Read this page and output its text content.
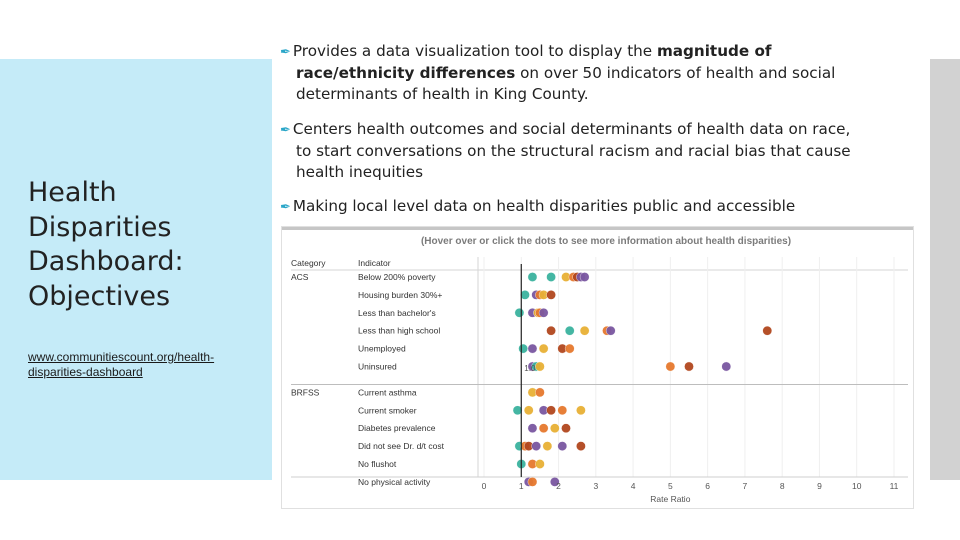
Health
Disparities
Dashboard:
Objectives
www.communitiescount.org/health-
disparities-dashboard
✒ Provides a data visualization tool to display the magnitude of
race/ethnicity differences on over 50 indicators of health and social
determinants of health in King County.
✒ Centers health outcomes and social determinants of health data on race,
to start conversations on the structural racism and racial bias that cause
health inequities
✒ Making local level data on health disparities public and accessible
(Hover over or click the dots to see more information about health disparities)
Category	Indicator
ACS	Below 200% poverty
Housing burden 30%+
Less than bachelor's
Less than high school
Unemployed
Uninsured
BRFSS	Current asthma
Current smoker
Diabetes prevalence
Did not see Dr. d/t cost
No flushot
No physical activity
1.0
0	1	2	3	4	5	6	7	8	9	10	11
Rate Ratio
